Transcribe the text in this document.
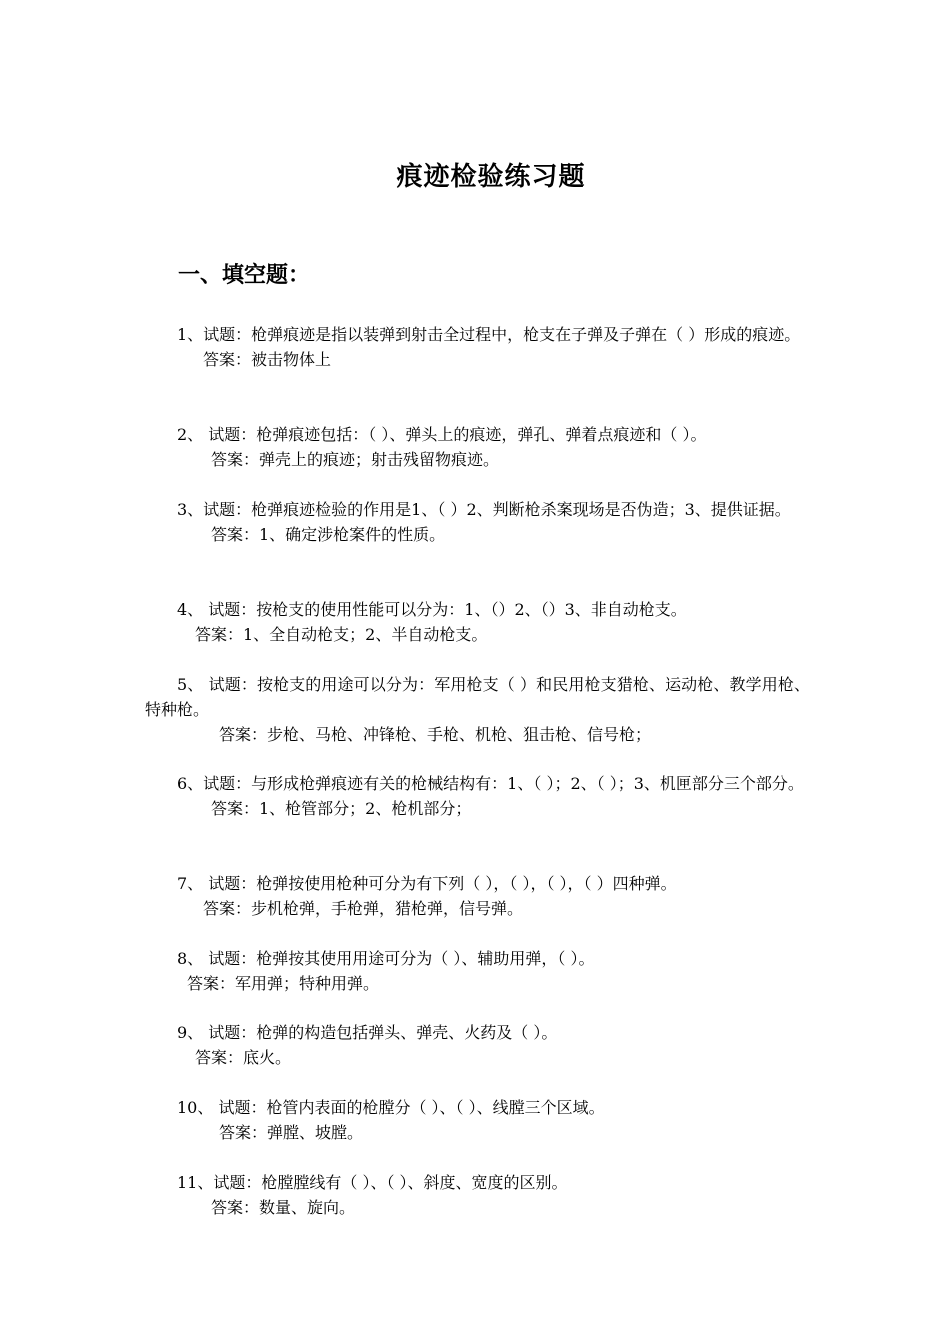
痕迹检验练习题
一、填空题：

1、试题：枪弹痕迹是指以装弹到射击全过程中，枪支在子弹及子弹在（ ）形成的痕迹。

答案：被击物体上

2、 试题：枪弹痕迹包括：（ ）、弹头上的痕迹，弹孔、弹着点痕迹和（ ）。

答案：弹壳上的痕迹；射击残留物痕迹。

3、试题：枪弹痕迹检验的作用是1、（ ）2、判断枪杀案现场是否伪造；3、提供证据。

答案：1、确定涉枪案件的性质。

4、 试题：按枪支的使用性能可以分为：1、（）2、（）3、非自动枪支。

答案：1、全自动枪支；2、半自动枪支。

5、 试题：按枪支的用途可以分为：军用枪支（ ）和民用枪支猎枪、运动枪、教学用枪、特种枪。

答案：步枪、马枪、冲锋枪、手枪、机枪、狙击枪、信号枪；

6、试题：与形成枪弹痕迹有关的枪械结构有：1、（ ）；2、（ ）；3、机匣部分三个部分。

答案：1、枪管部分；2、枪机部分；

7、 试题：枪弹按使用枪种可分为有下列（ ），（ ），（ ），（ ）四种弹。

答案：步机枪弹，手枪弹，猎枪弹，信号弹。

8、 试题：枪弹按其使用用途可分为（ ）、辅助用弹，（ ）。

答案：军用弹；特种用弹。

9、 试题：枪弹的构造包括弹头、弹壳、火药及（ ）。

答案：底火。

10、 试题：枪管内表面的枪膛分（ ）、（ ）、线膛三个区域。

答案：弹膛、坡膛。

11、试题：枪膛膛线有（ ）、（ ）、斜度、宽度的区别。

答案：数量、旋向。
